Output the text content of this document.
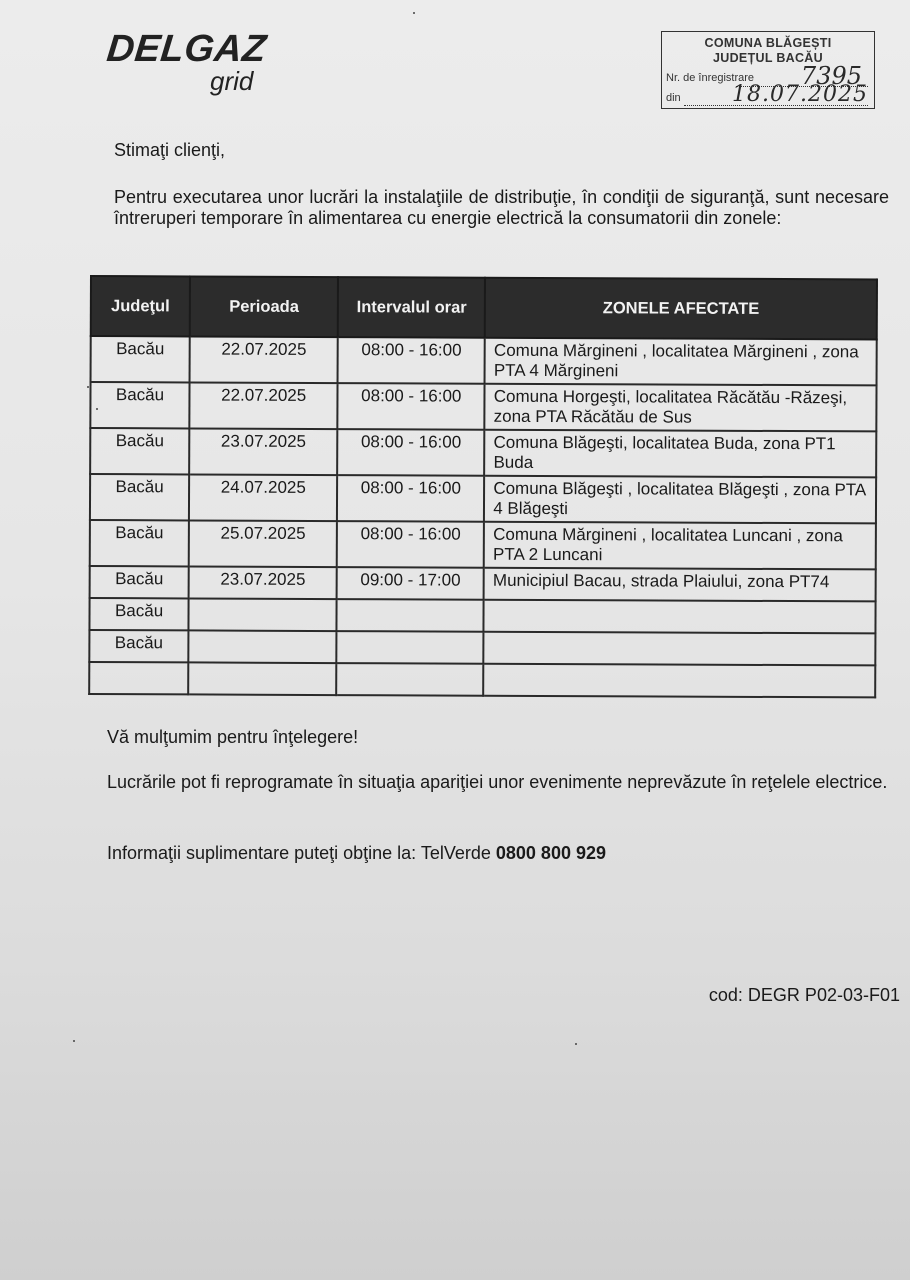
DELGAZ
grid
COMUNA BLĂGEȘTI
JUDEȚUL BACĂU
Nr. de înregistrare 7395
din 18.07.2025
Stimaţi clienţi,
Pentru executarea unor lucrări la instalaţiile de distribuţie, în condiţii de siguranţă, sunt necesare întreruperi temporare în alimentarea cu energie electrică la consumatorii din zonele:
Judeţul	Perioada	Intervalul orar	ZONELE AFECTATE
Bacău	22.07.2025	08:00 - 16:00	Comuna Mărgineni , localitatea Mărgineni , zona PTA 4 Mărgineni
Bacău	22.07.2025	08:00 - 16:00	Comuna Horgeşti, localitatea Răcătău -Răzeşi, zona PTA Răcătău de Sus
Bacău	23.07.2025	08:00 - 16:00	Comuna Blăgeşti, localitatea Buda, zona PT1 Buda
Bacău	24.07.2025	08:00 - 16:00	Comuna Blăgeşti , localitatea Blăgeşti , zona PTA 4 Blăgeşti
Bacău	25.07.2025	08:00 - 16:00	Comuna Mărgineni , localitatea Luncani , zona PTA 2 Luncani
Bacău	23.07.2025	09:00 - 17:00	Municipiul Bacau, strada Plaiului, zona PT74
Bacău			
Bacău			

Vă mulţumim pentru înţelegere!
Lucrările pot fi reprogramate în situaţia apariţiei unor evenimente neprevăzute în reţelele electrice.
Informaţii suplimentare puteţi obţine la: TelVerde 0800 800 929
cod: DEGR P02-03-F01
